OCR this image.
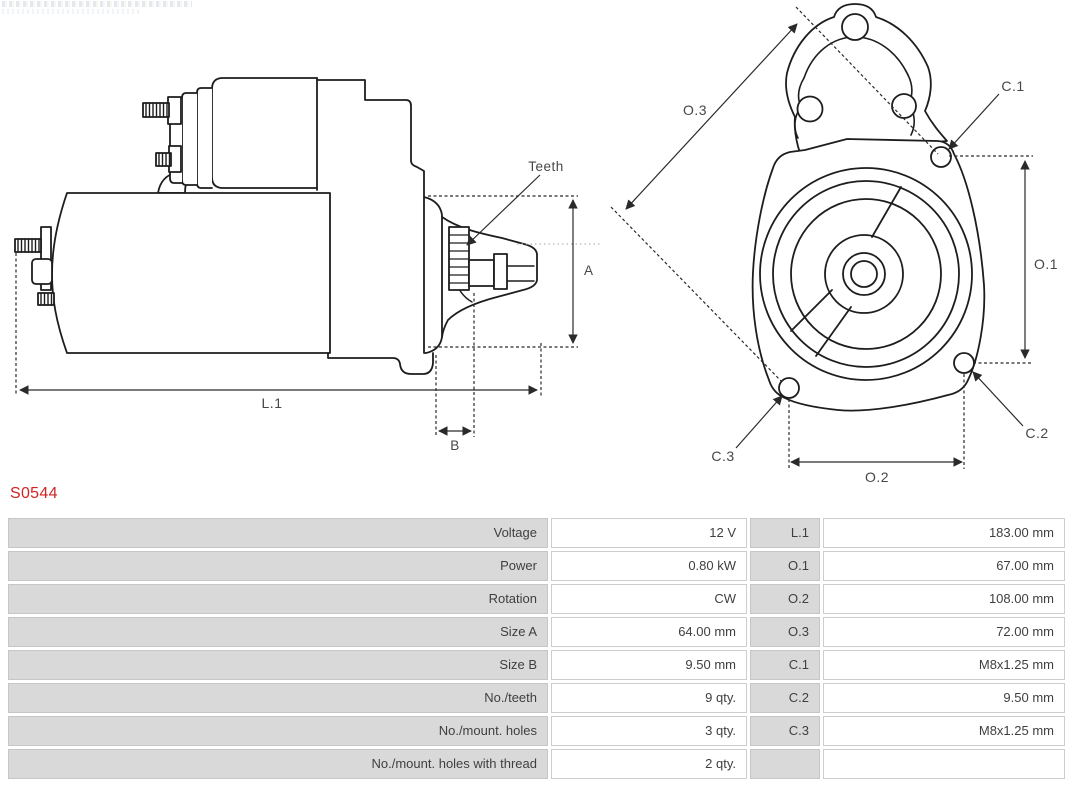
Teeth
A
L.1
B
O.3
O.1
O.2
C.1
C.2
C.3
S0544
Voltage	12 V	L.1	183.00 mm
Power	0.80 kW	O.1	67.00 mm
Rotation	CW	O.2	108.00 mm
Size A	64.00 mm	O.3	72.00 mm
Size B	9.50 mm	C.1	M8x1.25 mm
No./teeth	9 qty.	C.2	9.50 mm
No./mount. holes	3 qty.	C.3	M8x1.25 mm
No./mount. holes with thread	2 qty.
